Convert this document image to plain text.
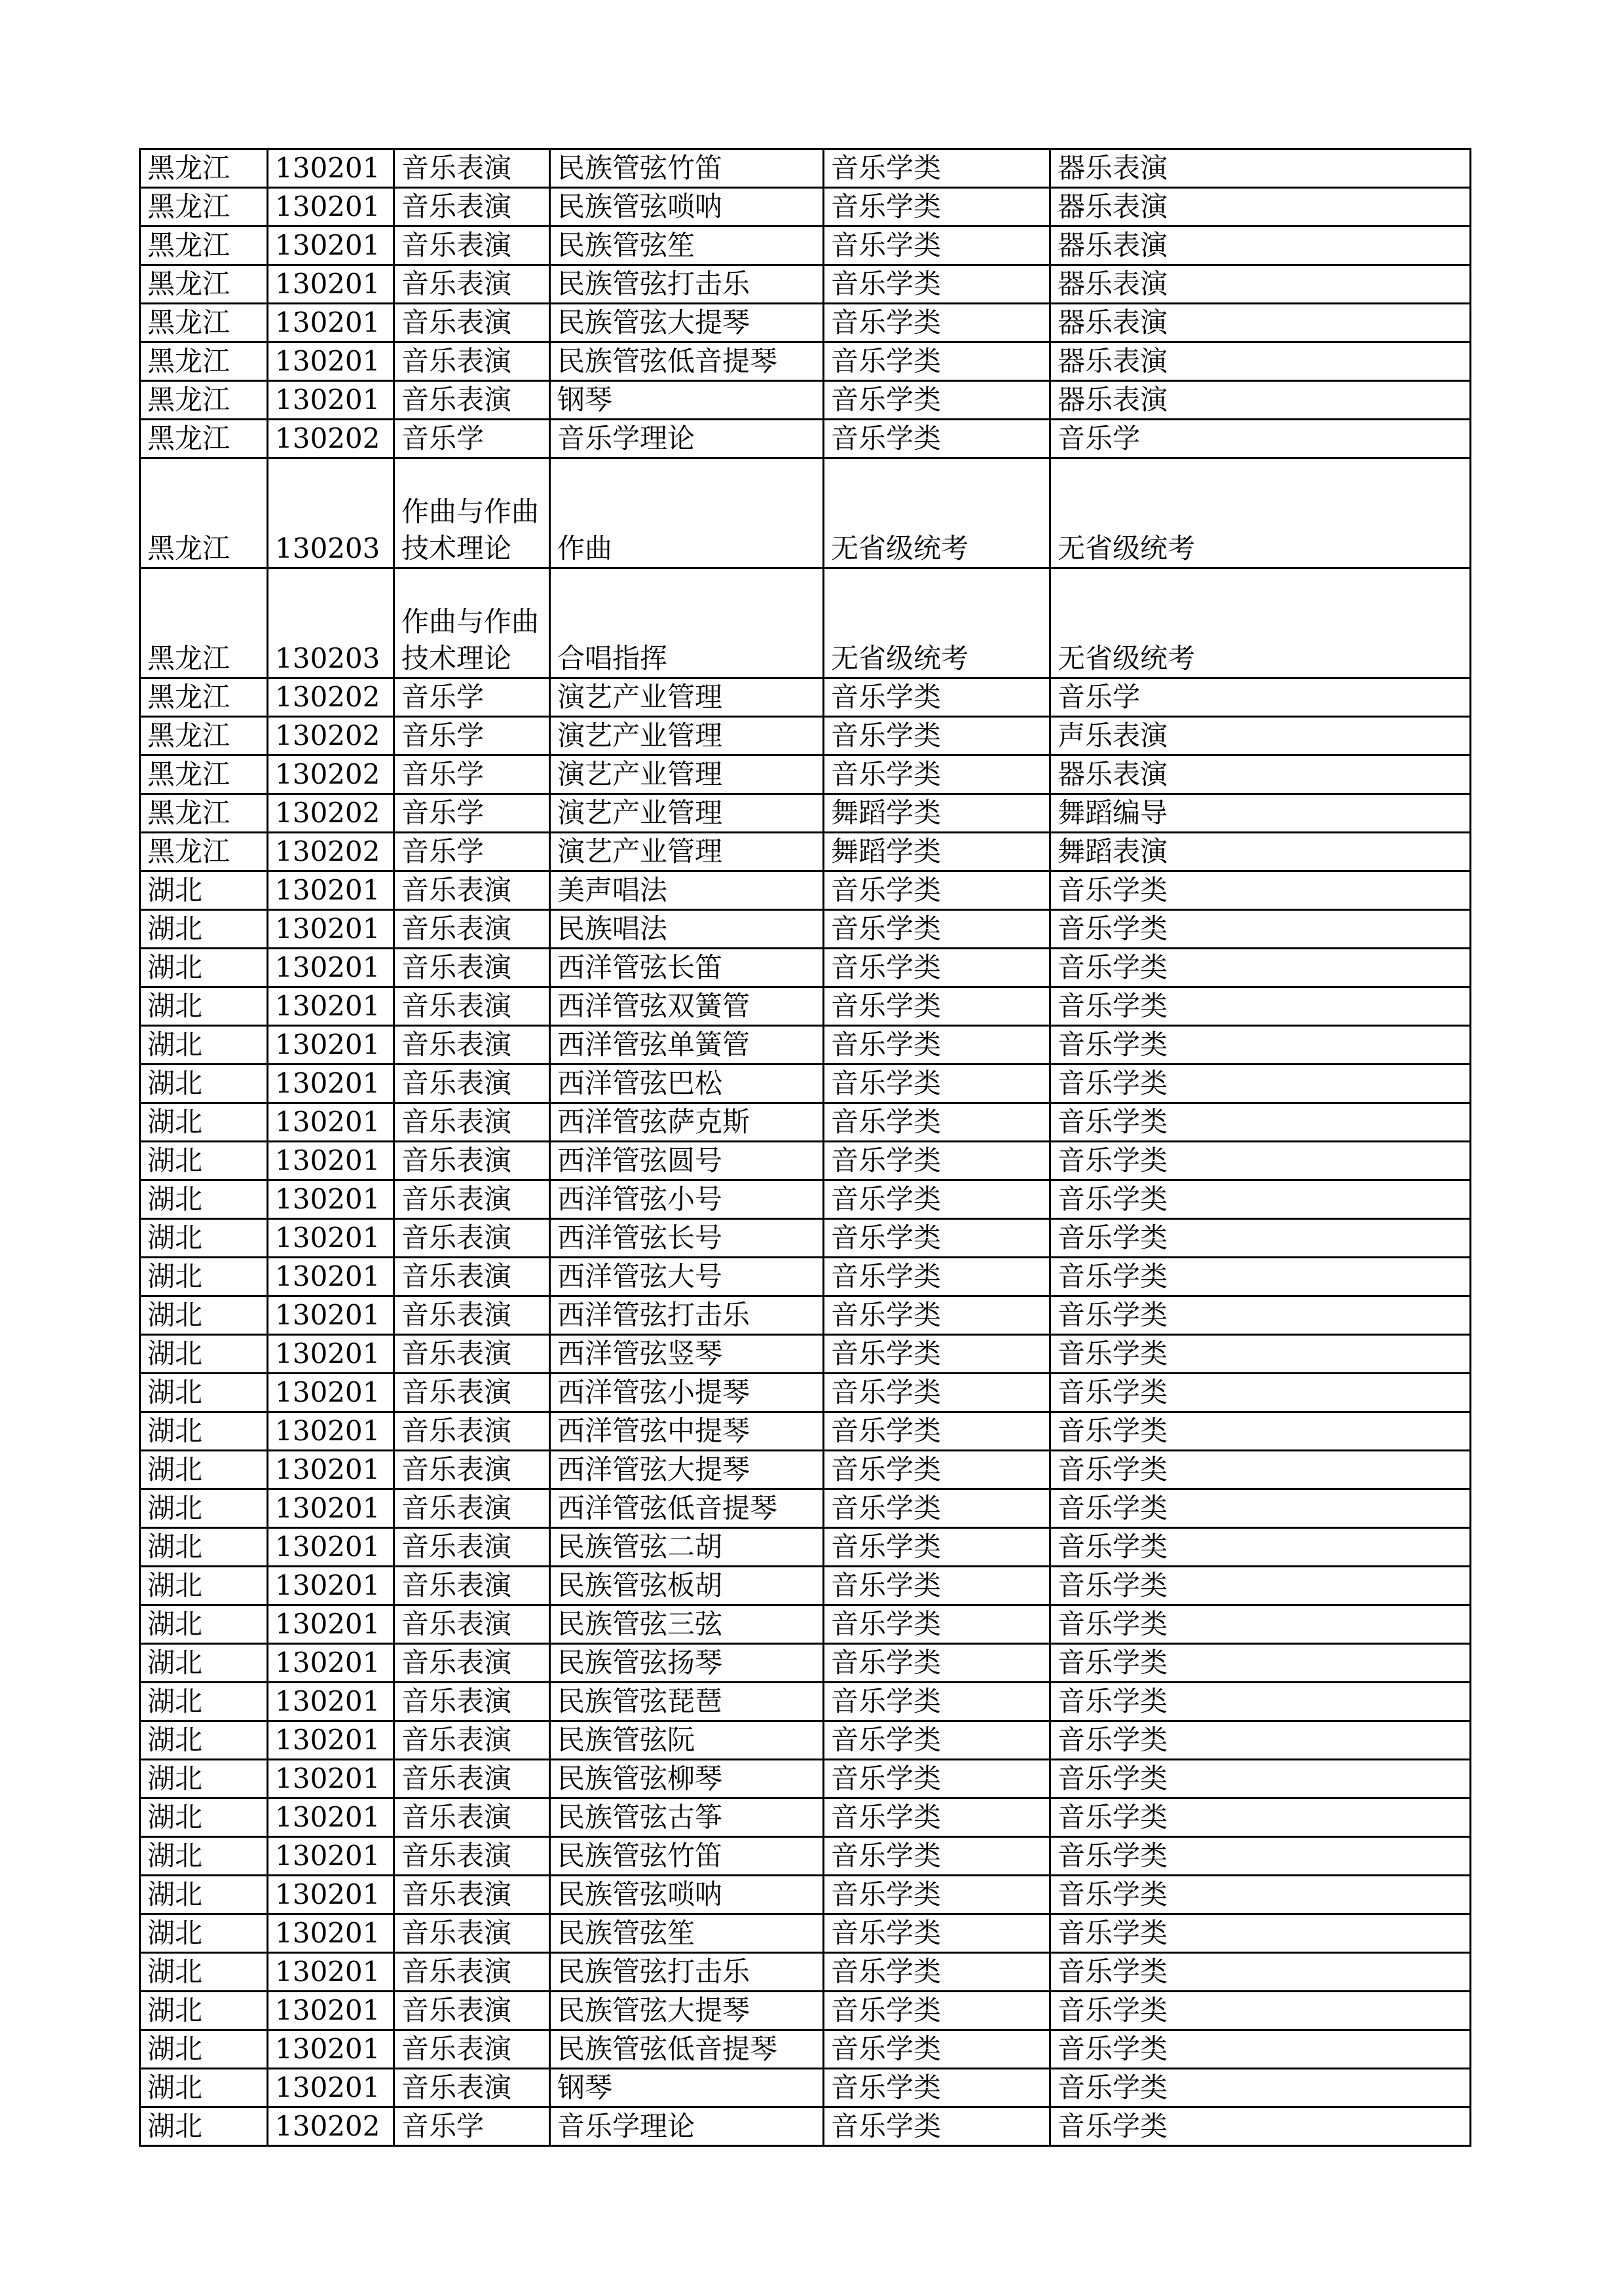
黑龙江	130201	音乐表演	民族管弦竹笛	音乐学类	器乐表演
黑龙江	130201	音乐表演	民族管弦唢呐	音乐学类	器乐表演
黑龙江	130201	音乐表演	民族管弦笙	音乐学类	器乐表演
黑龙江	130201	音乐表演	民族管弦打击乐	音乐学类	器乐表演
黑龙江	130201	音乐表演	民族管弦大提琴	音乐学类	器乐表演
黑龙江	130201	音乐表演	民族管弦低音提琴	音乐学类	器乐表演
黑龙江	130201	音乐表演	钢琴	音乐学类	器乐表演
黑龙江	130202	音乐学	音乐学理论	音乐学类	音乐学
黑龙江	130203	作曲与作曲技术理论	作曲	无省级统考	无省级统考
黑龙江	130203	作曲与作曲技术理论	合唱指挥	无省级统考	无省级统考
黑龙江	130202	音乐学	演艺产业管理	音乐学类	音乐学
黑龙江	130202	音乐学	演艺产业管理	音乐学类	声乐表演
黑龙江	130202	音乐学	演艺产业管理	音乐学类	器乐表演
黑龙江	130202	音乐学	演艺产业管理	舞蹈学类	舞蹈编导
黑龙江	130202	音乐学	演艺产业管理	舞蹈学类	舞蹈表演
湖北	130201	音乐表演	美声唱法	音乐学类	音乐学类
湖北	130201	音乐表演	民族唱法	音乐学类	音乐学类
湖北	130201	音乐表演	西洋管弦长笛	音乐学类	音乐学类
湖北	130201	音乐表演	西洋管弦双簧管	音乐学类	音乐学类
湖北	130201	音乐表演	西洋管弦单簧管	音乐学类	音乐学类
湖北	130201	音乐表演	西洋管弦巴松	音乐学类	音乐学类
湖北	130201	音乐表演	西洋管弦萨克斯	音乐学类	音乐学类
湖北	130201	音乐表演	西洋管弦圆号	音乐学类	音乐学类
湖北	130201	音乐表演	西洋管弦小号	音乐学类	音乐学类
湖北	130201	音乐表演	西洋管弦长号	音乐学类	音乐学类
湖北	130201	音乐表演	西洋管弦大号	音乐学类	音乐学类
湖北	130201	音乐表演	西洋管弦打击乐	音乐学类	音乐学类
湖北	130201	音乐表演	西洋管弦竖琴	音乐学类	音乐学类
湖北	130201	音乐表演	西洋管弦小提琴	音乐学类	音乐学类
湖北	130201	音乐表演	西洋管弦中提琴	音乐学类	音乐学类
湖北	130201	音乐表演	西洋管弦大提琴	音乐学类	音乐学类
湖北	130201	音乐表演	西洋管弦低音提琴	音乐学类	音乐学类
湖北	130201	音乐表演	民族管弦二胡	音乐学类	音乐学类
湖北	130201	音乐表演	民族管弦板胡	音乐学类	音乐学类
湖北	130201	音乐表演	民族管弦三弦	音乐学类	音乐学类
湖北	130201	音乐表演	民族管弦扬琴	音乐学类	音乐学类
湖北	130201	音乐表演	民族管弦琵琶	音乐学类	音乐学类
湖北	130201	音乐表演	民族管弦阮	音乐学类	音乐学类
湖北	130201	音乐表演	民族管弦柳琴	音乐学类	音乐学类
湖北	130201	音乐表演	民族管弦古筝	音乐学类	音乐学类
湖北	130201	音乐表演	民族管弦竹笛	音乐学类	音乐学类
湖北	130201	音乐表演	民族管弦唢呐	音乐学类	音乐学类
湖北	130201	音乐表演	民族管弦笙	音乐学类	音乐学类
湖北	130201	音乐表演	民族管弦打击乐	音乐学类	音乐学类
湖北	130201	音乐表演	民族管弦大提琴	音乐学类	音乐学类
湖北	130201	音乐表演	民族管弦低音提琴	音乐学类	音乐学类
湖北	130201	音乐表演	钢琴	音乐学类	音乐学类
湖北	130202	音乐学	音乐学理论	音乐学类	音乐学类
